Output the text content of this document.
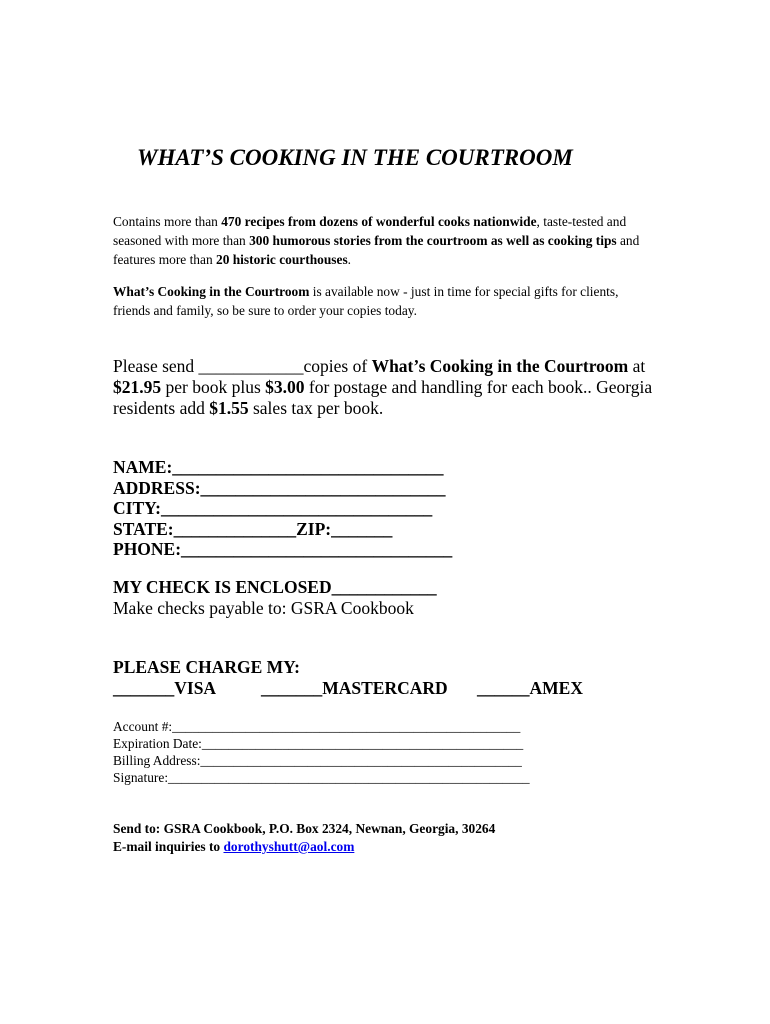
WHAT’S COOKING IN THE COURTROOM

Contains more than 470 recipes from dozens of wonderful cooks nationwide, taste-tested and seasoned with more than 300 humorous stories from the courtroom as well as cooking tips and features more than 20 historic courthouses.

What’s Cooking in the Courtroom is available now - just in time for special gifts for clients, friends and family, so be sure to order your copies today.

Please send ____________copies of What’s Cooking in the Courtroom at $21.95 per book plus $3.00 for postage and handling for each book.. Georgia residents add $1.55 sales tax per book.

NAME:_______________________________
ADDRESS:____________________________
CITY:_______________________________
STATE:______________ZIP:_______
PHONE:_______________________________
MY CHECK IS ENCLOSED____________
Make checks payable to: GSRA Cookbook
PLEASE CHARGE MY:
_______VISA	_______MASTERCARD ______AMEX
Account #:____________________________________________________
Expiration Date:________________________________________________
Billing Address:________________________________________________
Signature:______________________________________________________
Send to: GSRA Cookbook, P.O. Box 2324, Newnan, Georgia, 30264
E-mail inquiries to dorothyshutt@aol.com
